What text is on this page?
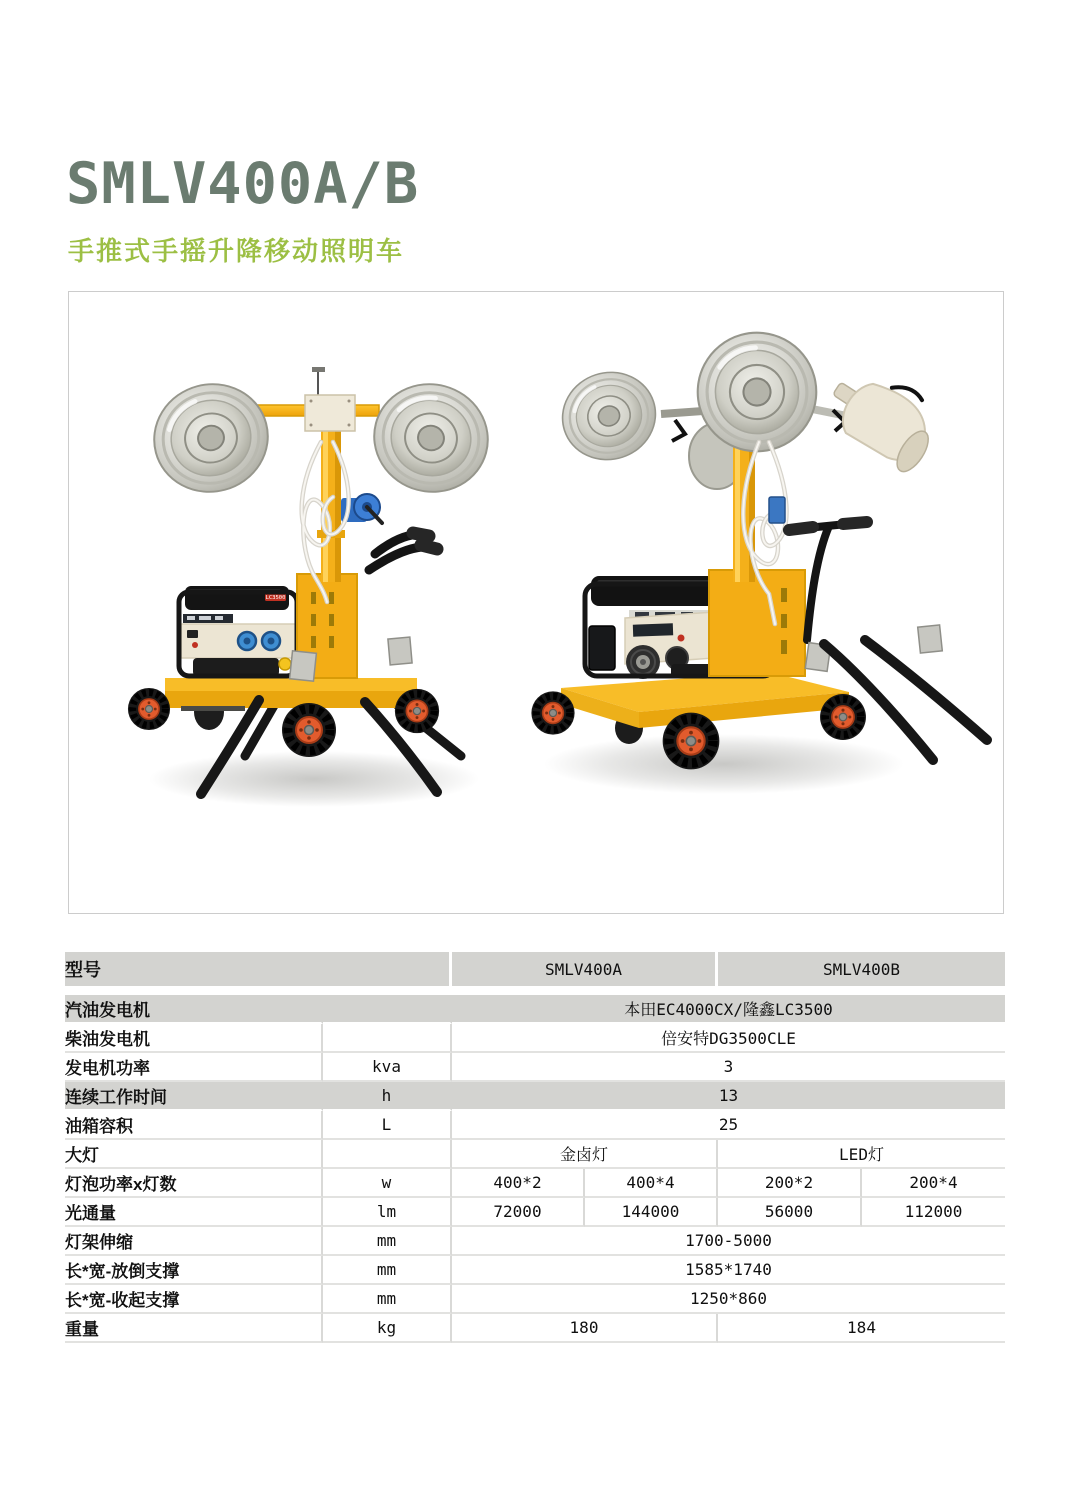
SMLV400A/B
手推式手摇升降移动照明车
LC3500
型号		SMLV400A		SMLV400B	

汽油发电机		本田EC4000CX/隆鑫LC3500			
柴油发电机		倍安特DG3500CLE			
发电机功率	kva	3			
连续工作时间	h	13			
油箱容积	L	25			
大灯		金卤灯		LED灯	
灯泡功率x灯数	w	400*2	400*4	200*2	200*4
光通量	lm	72000	144000	56000	112000
灯架伸缩	mm	1700-5000			
长*宽-放倒支撑	mm	1585*1740			
长*宽-收起支撑	mm	1250*860			
重量	kg	180		184	
